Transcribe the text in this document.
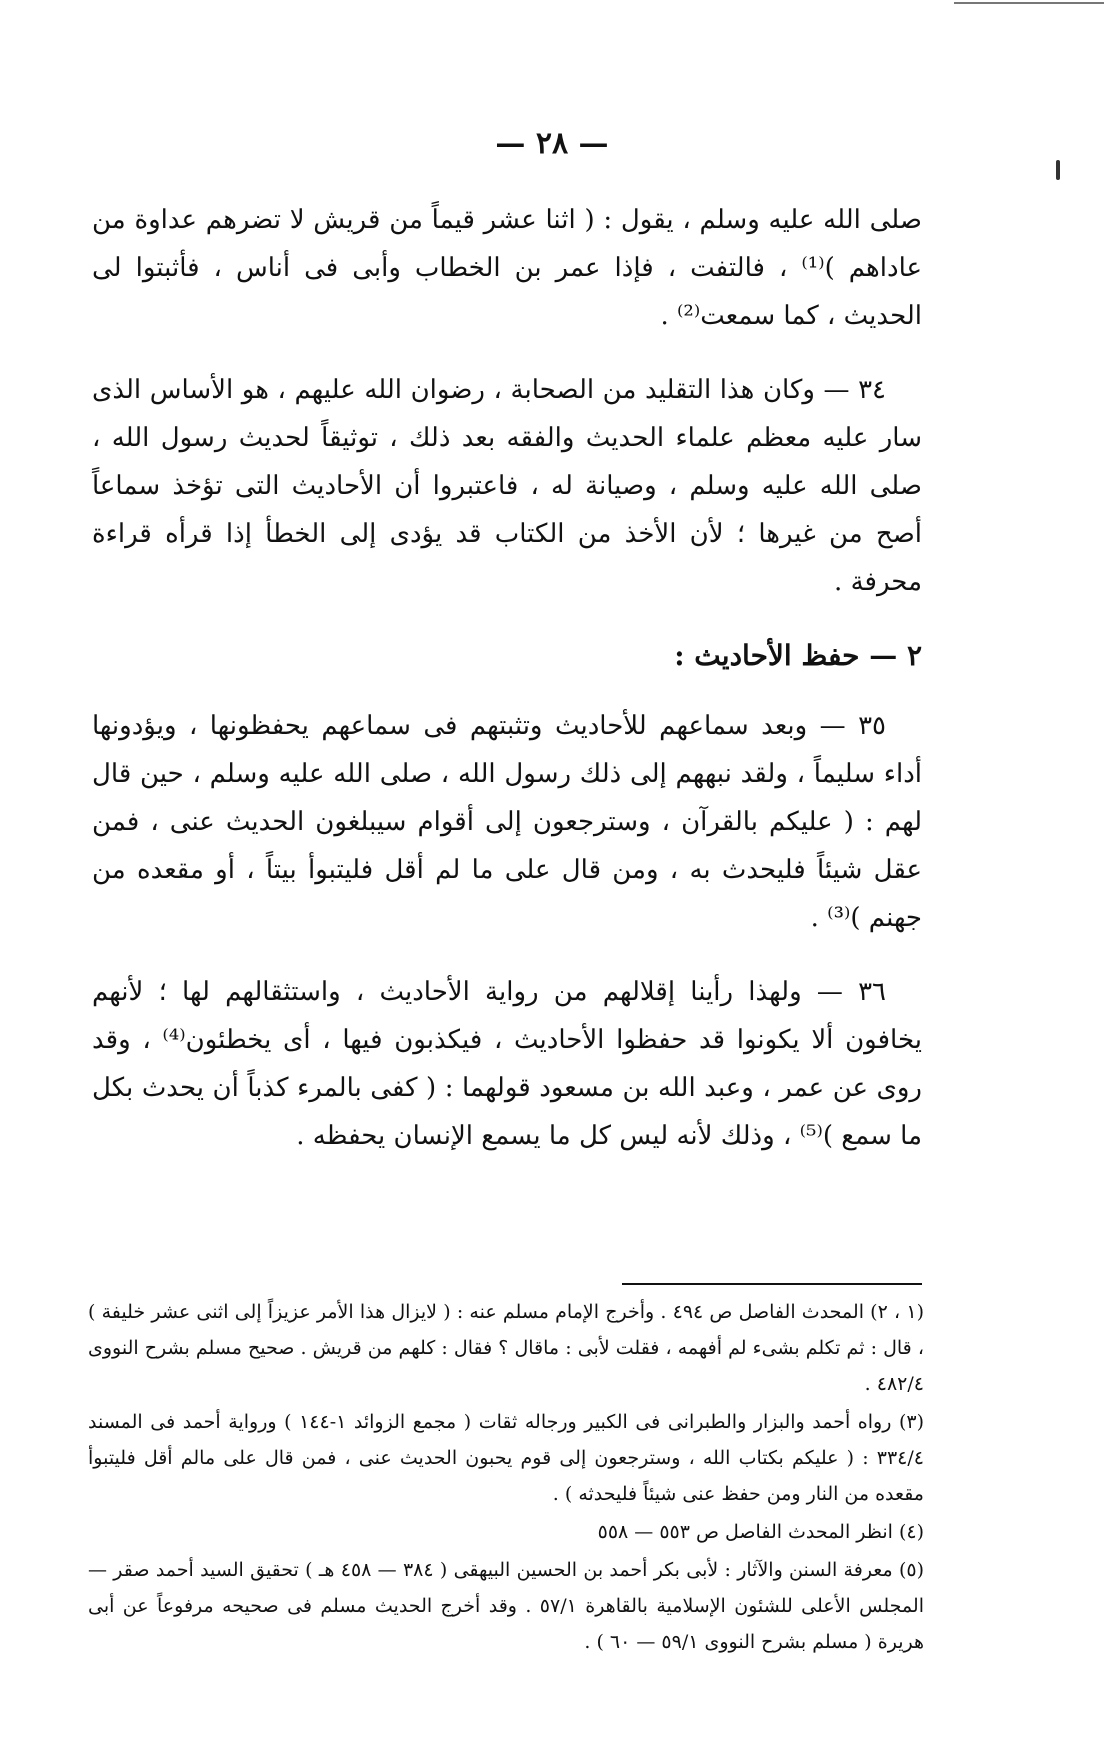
— ٢٨ —

صلى الله عليه وسلم ، يقول : ( اثنا عشر قيماً من قريش لا تضرهم عداوة من عاداهم )⁽¹⁾ ، فالتفت ، فإذا عمر بن الخطاب وأبى فى أناس ، فأثبتوا لى الحديث ، كما سمعت⁽²⁾ .

٣٤ — وكان هذا التقليد من الصحابة ، رضوان الله عليهم ، هو الأساس الذى سار عليه معظم علماء الحديث والفقه بعد ذلك ، توثيقاً لحديث رسول الله ، صلى الله عليه وسلم ، وصيانة له ، فاعتبروا أن الأحاديث التى تؤخذ سماعاً أصح من غيرها ؛ لأن الأخذ من الكتاب قد يؤدى إلى الخطأ إذا قرأه قراءة محرفة .

٢ — حفظ الأحاديث :

٣٥ — وبعد سماعهم للأحاديث وتثبتهم فى سماعهم يحفظونها ، ويؤدونها أداء سليماً ، ولقد نبههم إلى ذلك رسول الله ، صلى الله عليه وسلم ، حين قال لهم : ( عليكم بالقرآن ، وسترجعون إلى أقوام سيبلغون الحديث عنى ، فمن عقل شيئاً فليحدث به ، ومن قال على ما لم أقل فليتبوأ بيتاً ، أو مقعده من جهنم )⁽³⁾ .

٣٦ — ولهذا رأينا إقلالهم من رواية الأحاديث ، واستثقالهم لها ؛ لأنهم يخافون ألا يكونوا قد حفظوا الأحاديث ، فيكذبون فيها ، أى يخطئون⁽⁴⁾ ، وقد روى عن عمر ، وعبد الله بن مسعود قولهما : ( كفى بالمرء كذباً أن يحدث بكل ما سمع )⁽⁵⁾ ، وذلك لأنه ليس كل ما يسمع الإنسان يحفظه .

(١ ، ٢) المحدث الفاصل ص ٤٩٤ . وأخرج الإمام مسلم عنه : ( لايزال هذا الأمر عزيزاً إلى اثنى عشر خليفة ) ، قال : ثم تكلم بشىء لم أفهمه ، فقلت لأبى : ماقال ؟ فقال : كلهم من قريش . صحيح مسلم بشرح النووى ٤٨٢/٤ .

(٣) رواه أحمد والبزار والطبرانى فى الكبير ورجاله ثقات ( مجمع الزوائد ١-١٤٤ ) ورواية أحمد فى المسند ٣٣٤/٤ : ( عليكم بكتاب الله ، وسترجعون إلى قوم يحبون الحديث عنى ، فمن قال على مالم أقل فليتبوأ مقعده من النار ومن حفظ عنى شيئاً فليحدثه ) .

(٤) انظر المحدث الفاصل ص ٥٥٣ — ٥٥٨

(٥) معرفة السنن والآثار : لأبى بكر أحمد بن الحسين البيهقى ( ٣٨٤ — ٤٥٨ هـ ) تحقيق السيد أحمد صقر — المجلس الأعلى للشئون الإسلامية بالقاهرة ٥٧/١ . وقد أخرج الحديث مسلم فى صحيحه مرفوعاً عن أبى هريرة ( مسلم بشرح النووى ٥٩/١ — ٦٠ ) .
